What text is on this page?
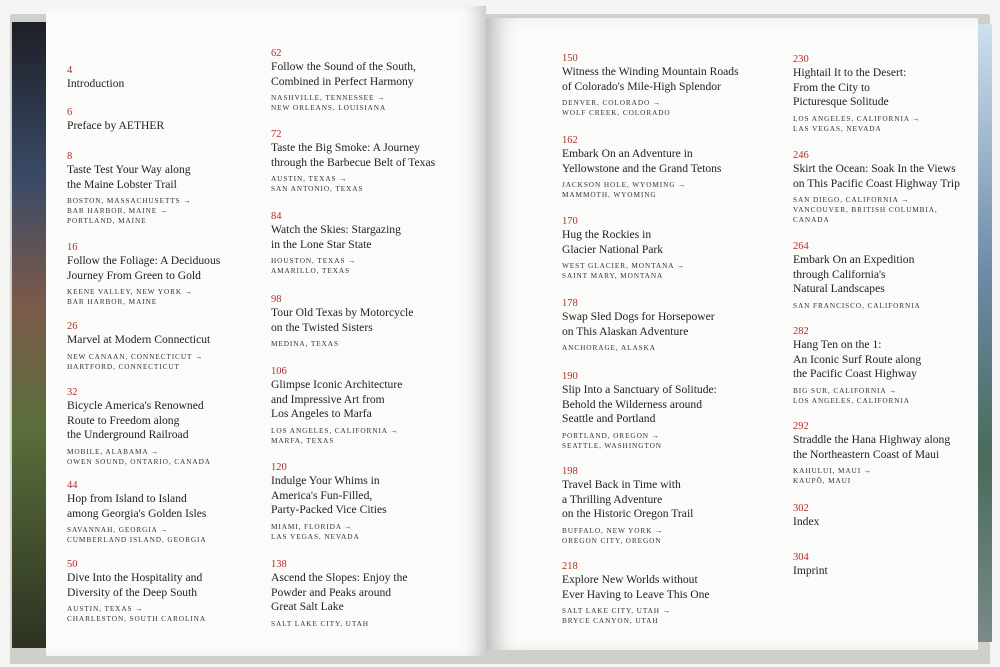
4
Introduction
6
Preface by AETHER
8
Taste Test Your Way along
the Maine Lobster Trail
BOSTON, MASSACHUSETTS →
BAR HARBOR, MAINE →
PORTLAND, MAINE
16
Follow the Foliage: A Deciduous
Journey From Green to Gold
KEENE VALLEY, NEW YORK →
BAR HARBOR, MAINE
26
Marvel at Modern Connecticut
NEW CANAAN, CONNECTICUT →
HARTFORD, CONNECTICUT
32
Bicycle America's Renowned
Route to Freedom along
the Underground Railroad
MOBILE, ALABAMA →
OWEN SOUND, ONTARIO, CANADA
44
Hop from Island to Island
among Georgia's Golden Isles
SAVANNAH, GEORGIA →
CUMBERLAND ISLAND, GEORGIA
50
Dive Into the Hospitality and
Diversity of the Deep South
AUSTIN, TEXAS →
CHARLESTON, SOUTH CAROLINA
62
Follow the Sound of the South,
Combined in Perfect Harmony
NASHVILLE, TENNESSEE →
NEW ORLEANS, LOUISIANA
72
Taste the Big Smoke: A Journey
through the Barbecue Belt of Texas
AUSTIN, TEXAS →
SAN ANTONIO, TEXAS
84
Watch the Skies: Stargazing
in the Lone Star State
HOUSTON, TEXAS →
AMARILLO, TEXAS
98
Tour Old Texas by Motorcycle
on the Twisted Sisters
MEDINA, TEXAS
106
Glimpse Iconic Architecture
and Impressive Art from
Los Angeles to Marfa
LOS ANGELES, CALIFORNIA →
MARFA, TEXAS
120
Indulge Your Whims in
America's Fun-Filled,
Party-Packed Vice Cities
MIAMI, FLORIDA →
LAS VEGAS, NEVADA
138
Ascend the Slopes: Enjoy the
Powder and Peaks around
Great Salt Lake
SALT LAKE CITY, UTAH
150
Witness the Winding Mountain Roads
of Colorado's Mile-High Splendor
DENVER, COLORADO →
WOLF CREEK, COLORADO
162
Embark On an Adventure in
Yellowstone and the Grand Tetons
JACKSON HOLE, WYOMING →
MAMMOTH, WYOMING
170
Hug the Rockies in
Glacier National Park
WEST GLACIER, MONTANA →
SAINT MARY, MONTANA
178
Swap Sled Dogs for Horsepower
on This Alaskan Adventure
ANCHORAGE, ALASKA
190
Slip Into a Sanctuary of Solitude:
Behold the Wilderness around
Seattle and Portland
PORTLAND, OREGON →
SEATTLE, WASHINGTON
198
Travel Back in Time with
a Thrilling Adventure
on the Historic Oregon Trail
BUFFALO, NEW YORK →
OREGON CITY, OREGON
218
Explore New Worlds without
Ever Having to Leave This One
SALT LAKE CITY, UTAH →
BRYCE CANYON, UTAH
230
Hightail It to the Desert:
From the City to
Picturesque Solitude
LOS ANGELES, CALIFORNIA →
LAS VEGAS, NEVADA
246
Skirt the Ocean: Soak In the Views
on This Pacific Coast Highway Trip
SAN DIEGO, CALIFORNIA →
VANCOUVER, BRITISH COLUMBIA,
CANADA
264
Embark On an Expedition
through California's
Natural Landscapes
SAN FRANCISCO, CALIFORNIA
282
Hang Ten on the 1:
An Iconic Surf Route along
the Pacific Coast Highway
BIG SUR, CALIFORNIA →
LOS ANGELES, CALIFORNIA
292
Straddle the Hana Highway along
the Northeastern Coast of Maui
KAHULUI, MAUI →
KAUPŌ, MAUI
302
Index
304
Imprint
